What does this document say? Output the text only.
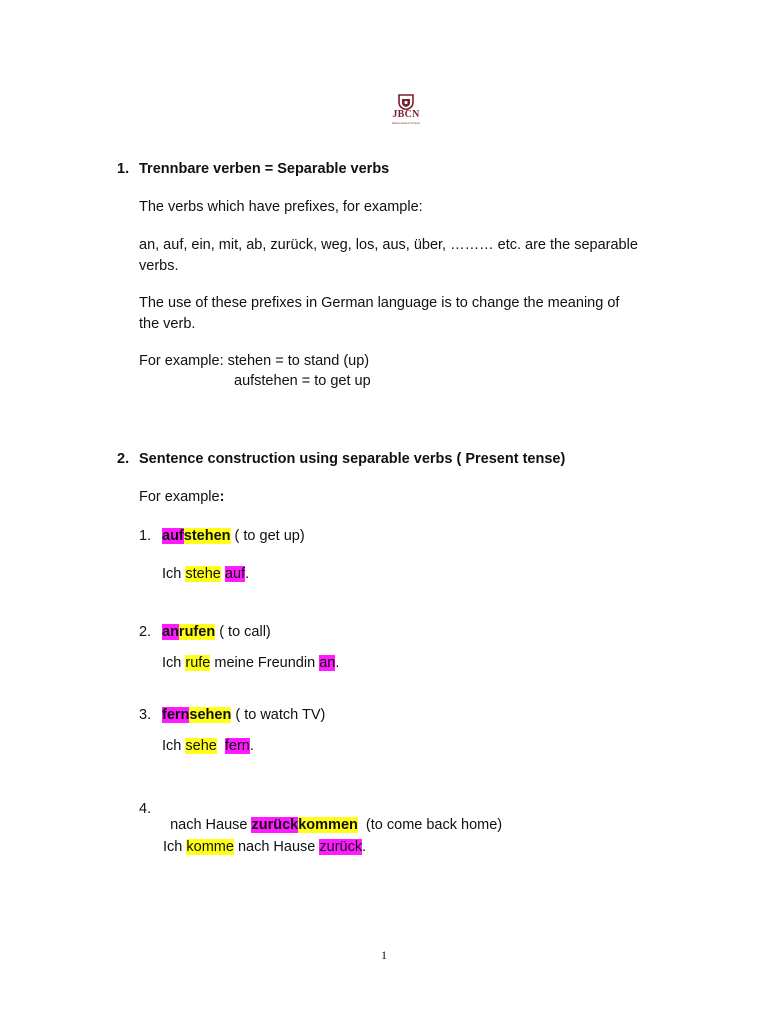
JBCN
International School
1. Trennbare verben = Separable verbs
The verbs which have prefixes, for example:
an, auf, ein, mit, ab, zurück, weg, los, aus, über, ……… etc. are the separable
verbs.
The use of these prefixes in German language is to change the meaning of
the verb.
For example: stehen = to stand (up)
aufstehen = to get up
2. Sentence construction using separable verbs ( Present tense)
For example:
1. aufstehen ( to get up)
Ich stehe auf.
2. anrufen ( to call)
Ich rufe meine Freundin an.
3. fernsehen ( to watch TV)
Ich sehe fern.
4.

nach Hause zurückkommen  (to come back home)

Ich komme nach Hause zurück.
1
